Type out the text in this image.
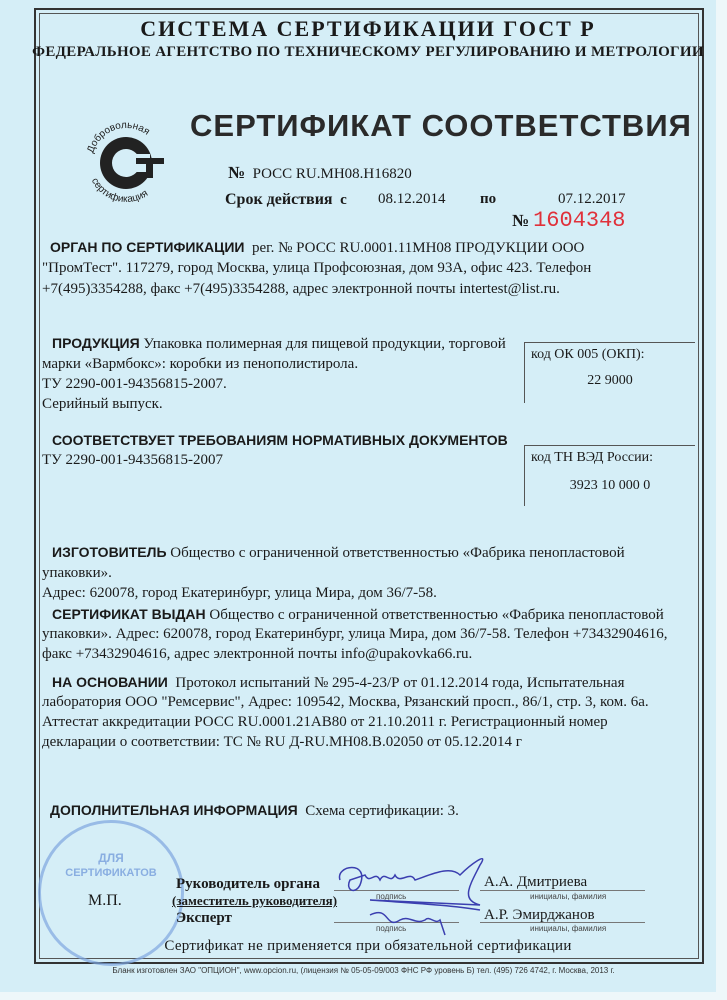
СИСТЕМА СЕРТИФИКАЦИИ ГОСТ Р
ФЕДЕРАЛЬНОЕ АГЕНТСТВО ПО ТЕХНИЧЕСКОМУ РЕГУЛИРОВАНИЮ И МЕТРОЛОГИИ
Добровольная
сертификация
СЕРТИФИКАТ СООТВЕТСТВИЯ
№ РОСС RU.МН08.Н16820
Срок действия с 08.12.2014 по	07.12.2017
№ 1604348
ОРГАН ПО СЕРТИФИКАЦИИ рег. № РОСС RU.0001.11МН08 ПРОДУКЦИИ ООО
"ПромТест". 117279, город Москва, улица Профсоюзная, дом 93А, офис 423. Телефон
+7(495)3354288, факс +7(495)3354288, адрес электронной почты intertest@list.ru.
ПРОДУКЦИЯ Упаковка полимерная для пищевой продукции, торговой
марки «Вармбокс»: коробки из пенополистирола.
ТУ 2290-001-94356815-2007.
Серийный выпуск.
код ОК 005 (ОКП):
22 9000
СООТВЕТСТВУЕТ ТРЕБОВАНИЯМ НОРМАТИВНЫХ ДОКУМЕНТОВ
ТУ 2290-001-94356815-2007	код ТН ВЭД России:
3923 10 000 0
ИЗГОТОВИТЕЛЬ Общество с ограниченной ответственностью «Фабрика пенопластовой
упаковки».
Адрес: 620078, город Екатеринбург, улица Мира, дом 36/7-58.
СЕРТИФИКАТ ВЫДАН Общество с ограниченной ответственностью «Фабрика пенопластовой
упаковки». Адрес: 620078, город Екатеринбург, улица Мира, дом 36/7-58. Телефон +73432904616,
факс +73432904616, адрес электронной почты info@upakovka66.ru.
НА ОСНОВАНИИ Протокол испытаний № 295-4-23/Р от 01.12.2014 года, Испытательная
лаборатория ООО "Ремсервис", Адрес: 109542, Москва, Рязанский просп., 86/1, стр. 3, ком. 6а.
Аттестат аккредитации РОСС RU.0001.21АВ80 от 21.10.2011 г. Регистрационный номер
декларации о соответствии: ТС № RU Д-RU.МН08.В.02050 от 05.12.2014 г
ДОПОЛНИТЕЛЬНАЯ ИНФОРМАЦИЯ Схема сертификации: 3.
ДЛЯ
СЕРТИФИКАТОВ
М.П.
Руководитель органа
(заместитель руководителя)
Эксперт
подпись
подпись
инициалы, фамилия
инициалы, фамилия
А.А. Дмитриева
А.Р. Эмирджанов
Сертификат не применяется при обязательной сертификации
Бланк изготовлен ЗАО "ОПЦИОН", www.opcion.ru, (лицензия № 05-05-09/003 ФНС РФ уровень Б) тел. (495) 726 4742, г. Москва, 2013 г.
